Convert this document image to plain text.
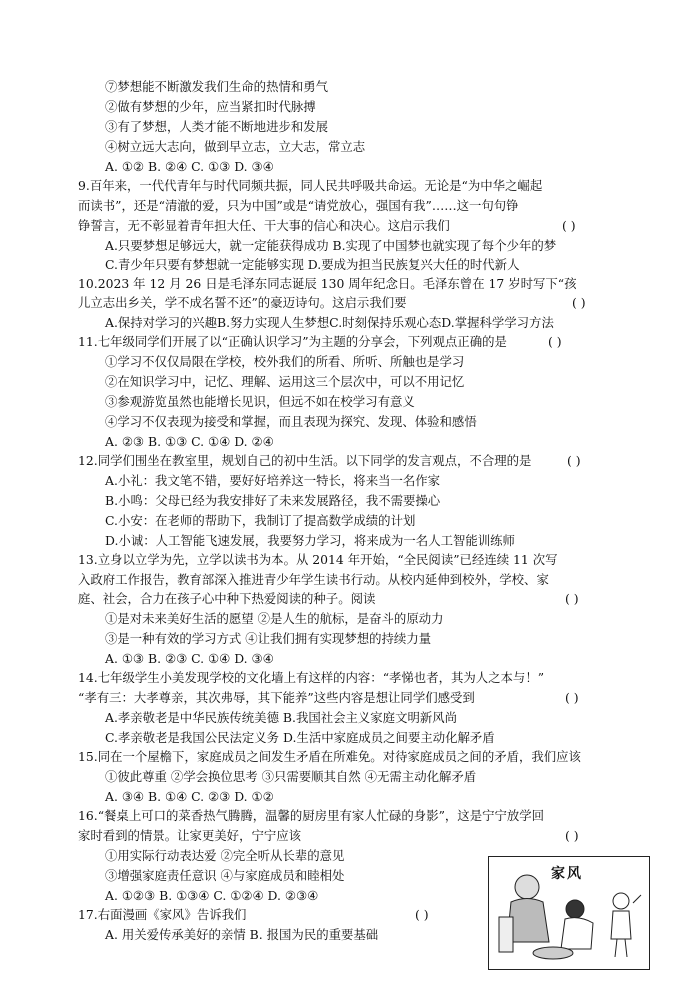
⑦梦想能不断激发我们生命的热情和勇气
②做有梦想的少年，应当紧扣时代脉搏
③有了梦想，人类才能不断地进步和发展
④树立远大志向，做到早立志，立大志，常立志
A. ①② B. ②④ C. ①③ D. ③④
9.百年来，一代代青年与时代同频共振，同人民共呼吸共命运。无论是“为中华之崛起
而读书”，还是“清澈的爱，只为中国”或是“请党放心，强国有我”……这一句句铮
铮誓言，无不彰显着青年担大任、干大事的信心和决心。这启示我们
A.只要梦想足够远大，就一定能获得成功 B.实现了中国梦也就实现了每个少年的梦
C.青少年只要有梦想就一定能够实现 D.要成为担当民族复兴大任的时代新人
10.2023 年 12 月 26 日是毛泽东同志诞辰 130 周年纪念日。毛泽东曾在 17 岁时写下“孩
儿立志出乡关，学不成名誓不还”的豪迈诗句。这启示我们要
A.保持对学习的兴趣B.努力实现人生梦想C.时刻保持乐观心态D.掌握科学学习方法
11.七年级同学们开展了以“正确认识学习”为主题的分享会，下列观点正确的是
①学习不仅仅局限在学校，校外我们的所看、所听、所触也是学习
②在知识学习中，记忆、理解、运用这三个层次中，可以不用记忆
③参观游览虽然也能增长见识，但远不如在校学习有意义
④学习不仅表现为接受和掌握，而且表现为探究、发现、体验和感悟
A. ②③ B. ①③ C. ①④ D. ②④
12.同学们围坐在教室里，规划自己的初中生活。以下同学的发言观点，不合理的是
A.小礼：我文笔不错，要好好培养这一特长，将来当一名作家
B.小鸣：父母已经为我安排好了未来发展路径，我不需要操心
C.小安：在老师的帮助下，我制订了提高数学成绩的计划
D.小诚：人工智能飞速发展，我要努力学习，将来成为一名人工智能训练师
13.立身以立学为先，立学以读书为本。从 2014 年开始，“全民阅读”已经连续 11 次写
入政府工作报告，教育部深入推进青少年学生读书行动。从校内延伸到校外，学校、家
庭、社会，合力在孩子心中种下热爱阅读的种子。阅读
①是对未来美好生活的愿望 ②是人生的航标，是奋斗的原动力
③是一种有效的学习方式 ④让我们拥有实现梦想的持续力量
A. ①③ B. ②③ C. ①④ D. ③④
14.七年级学生小美发现学校的文化墙上有这样的内容：“孝悌也者，其为人之本与！”
“孝有三：大孝尊亲，其次弗辱，其下能养”这些内容是想让同学们感受到
A.孝亲敬老是中华民族传统美德 B.我国社会主义家庭文明新风尚
C.孝亲敬老是我国公民法定义务 D.生活中家庭成员之间要主动化解矛盾
15.同在一个屋檐下，家庭成员之间发生矛盾在所难免。对待家庭成员之间的矛盾，我们应该
①彼此尊重 ②学会换位思考 ③只需要顺其自然 ④无需主动化解矛盾
A. ③④ B. ①④ C. ②③ D. ①②
16.“餐桌上可口的菜香热气腾腾，温馨的厨房里有家人忙碌的身影”，这是宁宁放学回
家时看到的情景。让家更美好，宁宁应该
①用实际行动表达爱 ②完全听从长辈的意见
③增强家庭责任意识 ④与家庭成员和睦相处
A. ①②③ B. ①③④ C. ①②④ D. ②③④
17.右面漫画《家风》告诉我们
A. 用关爱传承美好的亲情 B. 报国为民的重要基础
( )
( )
( )
( )
( )
( )
( )
( )
家风
